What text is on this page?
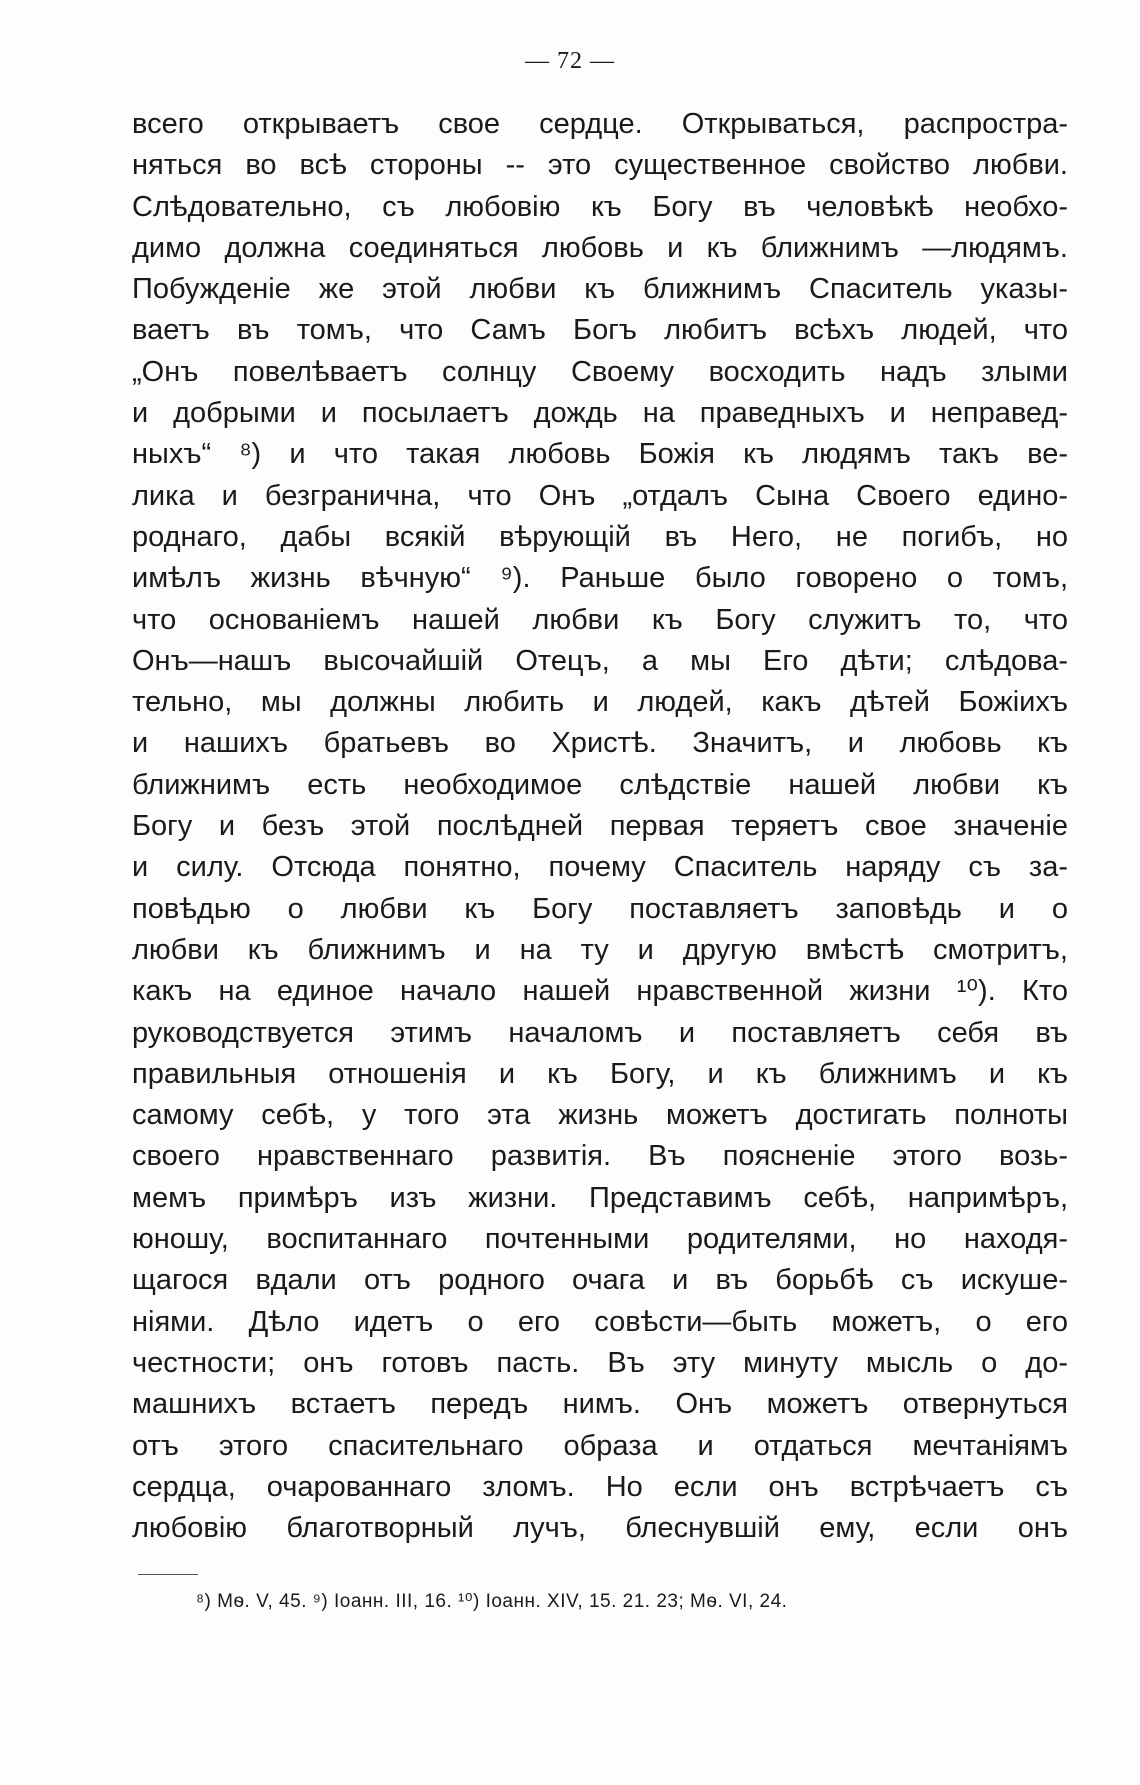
— 72 —
всего открываетъ свое сердце. Открываться, распростра-
няться во всѣ стороны -- это существенное свойство любви.
Слѣдовательно, съ любовію къ Богу въ человѣкѣ необхо-
димо должна соединяться любовь и къ ближнимъ —людямъ.
Побужденіе же этой любви къ ближнимъ Спаситель указы-
ваетъ въ томъ, что Самъ Богъ любитъ всѣхъ людей, что
„Онъ повелѣваетъ солнцу Своему восходить надъ злыми
и добрыми и посылаетъ дождь на праведныхъ и неправед-
ныхъ“ ⁸) и что такая любовь Божія къ людямъ такъ ве-
лика и безгранична, что Онъ „отдалъ Сына Своего едино-
роднаго, дабы всякій вѣрующій въ Него, не погибъ, но
имѣлъ жизнь вѣчную“ ⁹). Раньше было говорено о томъ,
что основаніемъ нашей любви къ Богу служитъ то, что
Онъ—нашъ высочайшій Отецъ, а мы Его дѣти; слѣдова-
тельно, мы должны любить и людей, какъ дѣтей Божіихъ
и нашихъ братьевъ во Христѣ. Значитъ, и любовь къ
ближнимъ есть необходимое слѣдствіе нашей любви къ
Богу и безъ этой послѣдней первая теряетъ свое значеніе
и силу. Отсюда понятно, почему Спаситель наряду съ за-
повѣдью о любви къ Богу поставляетъ заповѣдь и о
любви къ ближнимъ и на ту и другую вмѣстѣ смотритъ,
какъ на единое начало нашей нравственной жизни ¹⁰). Кто
руководствуется этимъ началомъ и поставляетъ себя въ
правильныя отношенія и къ Богу, и къ ближнимъ и къ
самому себѣ, у того эта жизнь можетъ достигать полноты
своего нравственнаго развитія. Въ поясненіе этого возь-
мемъ примѣръ изъ жизни. Представимъ себѣ, напримѣръ,
юношу, воспитаннаго почтенными родителями, но находя-
щагося вдали отъ родного очага и въ борьбѣ съ искуше-
ніями. Дѣло идетъ о его совѣсти—быть можетъ, о его
честности; онъ готовъ пасть. Въ эту минуту мысль о до-
машнихъ встаетъ передъ нимъ. Онъ можетъ отвернуться
отъ этого спасительнаго образа и отдаться мечтаніямъ
сердца, очарованнаго зломъ. Но если онъ встрѣчаетъ съ
любовію благотворный лучъ, блеснувшій ему, если онъ
⁸) Мѳ. V, 45. ⁹) Іоанн. III, 16. ¹⁰) Іоанн. XIV, 15. 21. 23; Мѳ. VI, 24.
